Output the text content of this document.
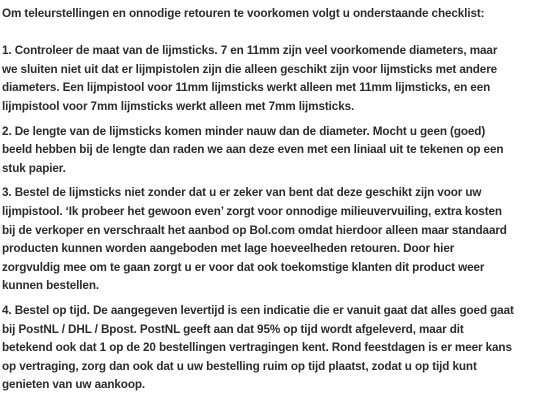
Om teleurstellingen en onnodige retouren te voorkomen volgt u onderstaande checklist:

1. Controleer de maat van de lijmsticks. 7 en 11mm zijn veel voorkomende diameters, maar

we sluiten niet uit dat er lijmpistolen zijn die alleen geschikt zijn voor lijmsticks met andere

diameters. Een lijmpistool voor 11mm lijmsticks werkt alleen met 11mm lijmsticks, en een

lijmpistool voor 7mm lijmsticks werkt alleen met 7mm lijmsticks.

2. De lengte van de lijmsticks komen minder nauw dan de diameter. Mocht u geen (goed)

beeld hebben bij de lengte dan raden we aan deze even met een liniaal uit te tekenen op een

stuk papier.

3. Bestel de lijmsticks niet zonder dat u er zeker van bent dat deze geschikt zijn voor uw

lijmpistool. ‘Ik probeer het gewoon even’ zorgt voor onnodige milieuvervuiling, extra kosten

bij de verkoper en verschraalt het aanbod op Bol.com omdat hierdoor alleen maar standaard

producten kunnen worden aangeboden met lage hoeveelheden retouren. Door hier

zorgvuldig mee om te gaan zorgt u er voor dat ook toekomstige klanten dit product weer

kunnen bestellen.

4. Bestel op tijd. De aangegeven levertijd is een indicatie die er vanuit gaat dat alles goed gaat

bij PostNL / DHL / Bpost. PostNL geeft aan dat 95% op tijd wordt afgeleverd, maar dit

betekend ook dat 1 op de 20 bestellingen vertragingen kent. Rond feestdagen is er meer kans

op vertraging, zorg dan ook dat u uw bestelling ruim op tijd plaatst, zodat u op tijd kunt

genieten van uw aankoop.
